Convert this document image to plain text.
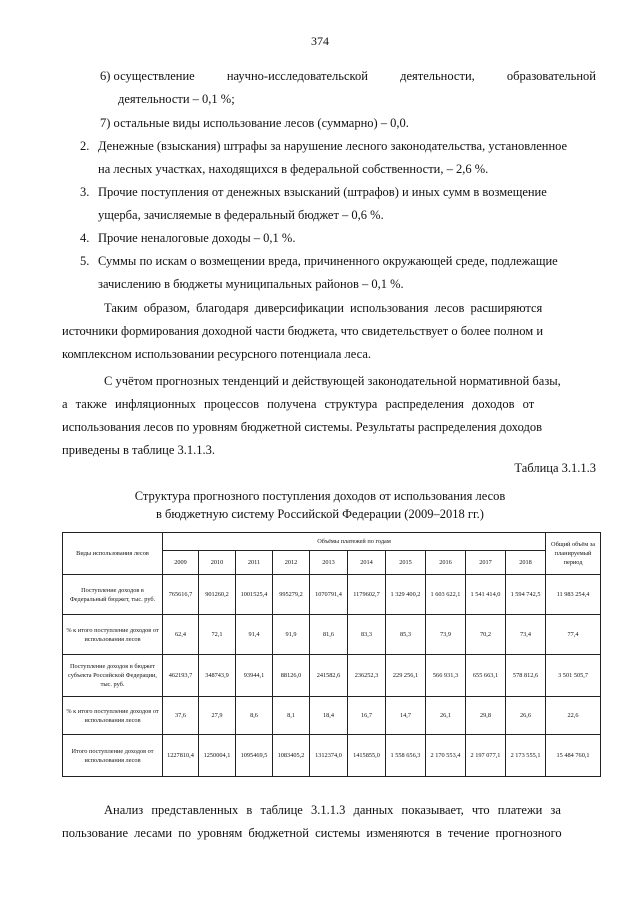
374
6) осуществление	научно-исследовательской	деятельности,	образовательной
деятельности – 0,1 %;
7) остальные виды использование лесов (суммарно) – 0,0.
2. Денежные (взыскания) штрафы за нарушение лесного законодательства, установленное
на лесных участках, находящихся в федеральной собственности, – 2,6 %.
3. Прочие поступления от денежных взысканий (штрафов) и иных сумм в возмещение
ущерба, зачисляемые в федеральный бюджет – 0,6 %.
4. Прочие неналоговые доходы – 0,1 %.
5. Суммы по искам о возмещении вреда, причиненного окружающей среде, подлежащие
зачислению в бюджеты муниципальных районов – 0,1 %.
Таким образом, благодаря диверсификации использования лесов расширяются
источники формирования доходной части бюджета, что свидетельствует о более полном и
комплексном использовании ресурсного потенциала леса.
С учётом прогнозных тенденций и действующей законодательной нормативной базы,
а также инфляционных процессов получена структура распределения доходов от
использования лесов по уровням бюджетной системы. Результаты распределения доходов
приведены в таблице 3.1.1.3.
Таблица 3.1.1.3
Структура прогнозного поступления доходов от использования лесов
в бюджетную систему Российской Федерации (2009–2018 гг.)
Виды использования лесов	Объёмы платежей по годам										Общий объём за планируемый период
	2009	2010	2011	2012	2013	2014	2015	2016	2017	2018	
Поступление доходов в Федеральный бюджет, тыс. руб.	765616,7	901260,2	1001525,4	995279,2	1070791,4	1179602,7	1 329 400,2	1 603 622,1	1 541 414,0	1 594 742,5	11 983 254,4
% к итого поступление доходов от использования лесов	62,4	72,1	91,4	91,9	81,6	83,3	85,3	73,9	70,2	73,4	77,4
Поступление доходов в бюджет субъекта Российской Федерации, тыс. руб.	462193,7	348743,9	93944,1	88126,0	241582,6	236252,3	229 256,1	566 931,3	655 663,1	578 812,6	3 501 505,7
% к итого поступление доходов от использования лесов	37,6	27,9	8,6	8,1	18,4	16,7	14,7	26,1	29,8	26,6	22,6
Итого поступление доходов от использования лесов	1227810,4	1250004,1	1095469,5	1083405,2	1312374,0	1415855,0	1 558 656,3	2 170 553,4	2 197 077,1	2 173 555,1	15 484 760,1
Анализ представленных в таблице 3.1.1.3 данных показывает, что платежи за
пользование лесами по уровням бюджетной системы изменяются в течение прогнозного
